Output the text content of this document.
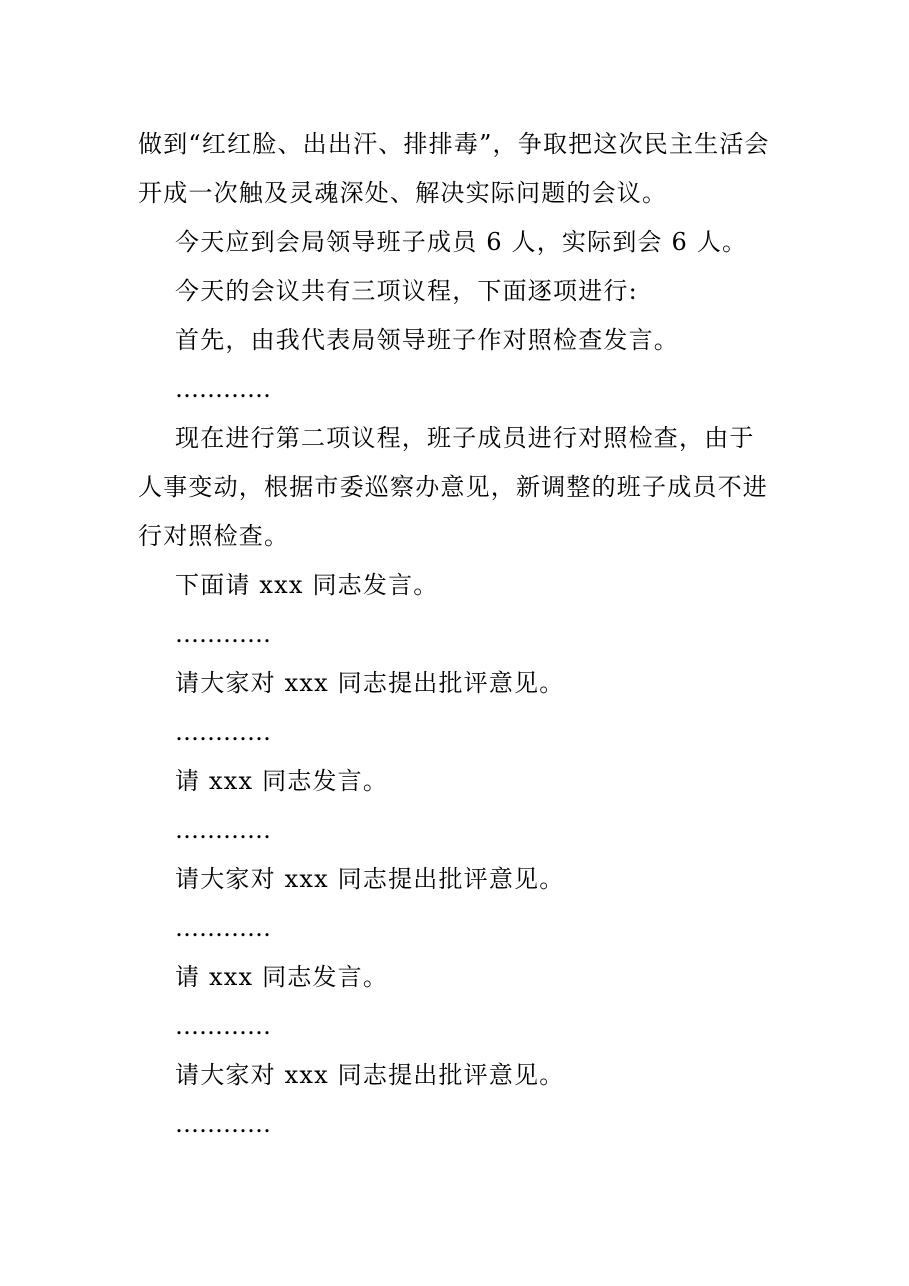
做到“红红脸、出出汗、排排毒”，争取把这次民主生活会开成一次触及灵魂深处、解决实际问题的会议。

今天应到会局领导班子成员 6 人，实际到会 6 人。

今天的会议共有三项议程，下面逐项进行:

首先，由我代表局领导班子作对照检查发言。

…………

现在进行第二项议程，班子成员进行对照检查，由于人事变动，根据市委巡察办意见，新调整的班子成员不进行对照检查。

下面请 xxx 同志发言。

…………

请大家对 xxx 同志提出批评意见。

…………

请 xxx 同志发言。

…………

请大家对 xxx 同志提出批评意见。

…………

请 xxx 同志发言。

…………

请大家对 xxx 同志提出批评意见。

…………
